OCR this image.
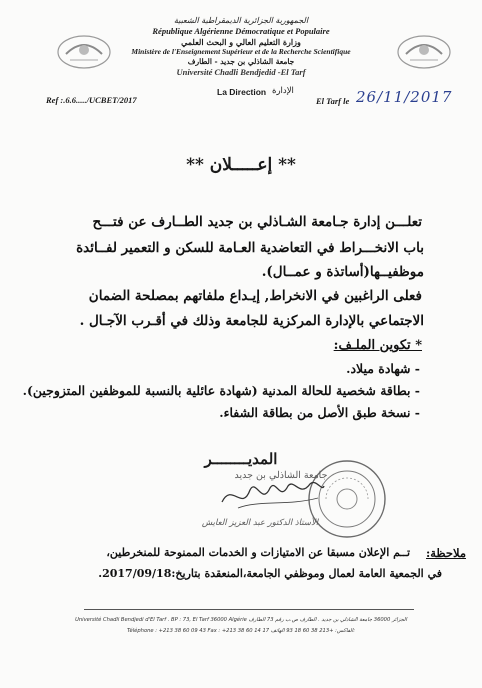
الجمهورية الجزائرية الديمقراطية الشعبية
République Algérienne Démocratique et Populaire
وزارة التعليم العالي و البحث العلمي
Ministère de l'Enseignement Supérieur et de la Recherche Scientifique
جامعة الشاذلي بن جديد - الطارف
Université Chadli Bendjedid -El Tarf
La Direction الإدارة
Ref :.6.6...../UCBET/2017	El Tarf le 26/11/2017
** إعـــــلان **
تعلـــن إدارة جـامعة الشـاذلي بن جديد الطــارف عن فتـــح
باب الانخـــراط في التعاضدية العـامة للسكن و التعمير لفــائدة
موظفيــها(أساتذة و عمــال).
فعلى الراغبين في الانخراط, إيـداع ملفاتهم بمصلحة الضمان
الاجتماعي بالإدارة المركزية للجامعة وذلك في أقـرب الآجـال .
* تكوين الملـف:
- شهادة ميلاد.
- بطاقة شخصية للحالة المدنية (شهادة عائلية بالنسبة للموظفين المتزوجين).
- نسخة طبق الأصل من بطاقة الشفاء.
المديــــــــر
جامعة الشاذلي بن جديد
الأستاذ الدكتور عبد العزيز العايش
ملاحظة:
تــم الإعلان مسبقا عن الامتيازات و الخدمات الممنوحة للمنخرطين،
في الجمعية العامة لعمال وموظفي الجامعة،المنعقدة بتاريخ:2017/09/18.
Université Chadli Bendjedi d'El Tarf . BP : 73, El Tarf 36000 Algérie الجزائر 36000 جامعة الشاذلي بن جديد . الطارف ص.ب رقم 73 الطارف
Téléphone : +213 38 60 09 43 Fax : +213 38 60 14 17 الفاكس: +213 38 60 18 93 الهاتف:
